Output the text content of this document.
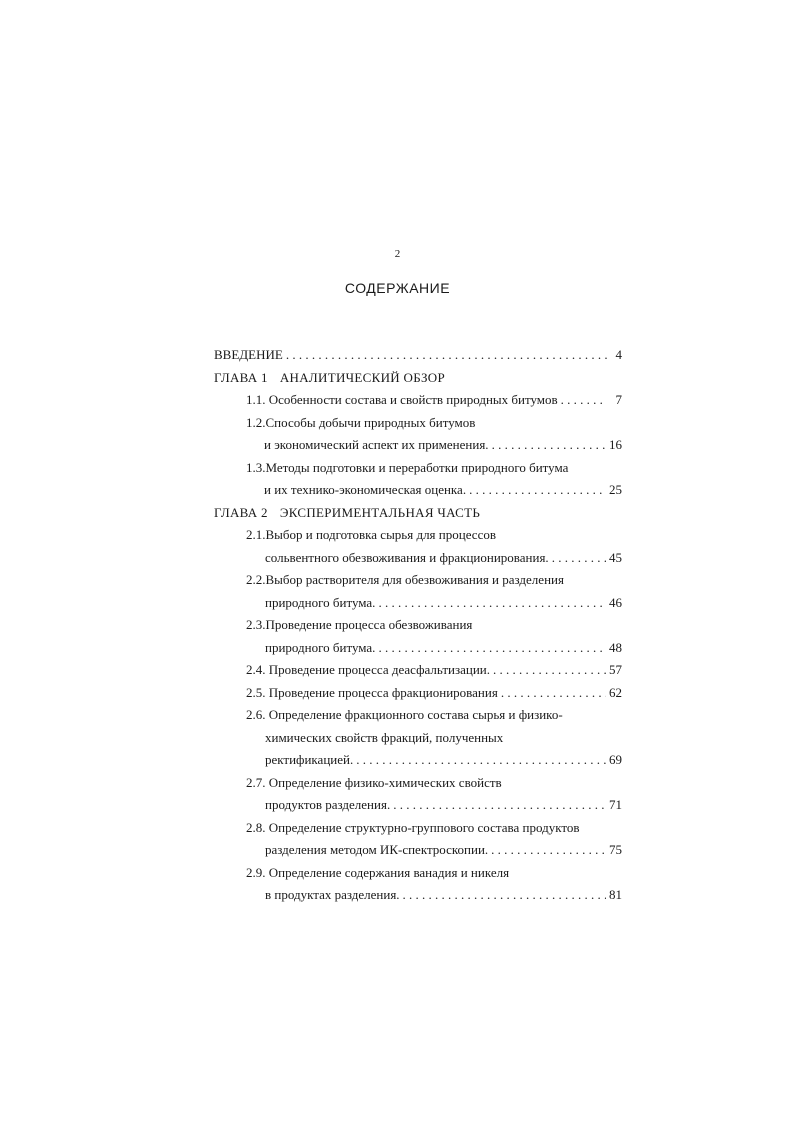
2
СОДЕРЖАНИЕ
ВВЕДЕНИЕ . . .	4
ГЛАВА 1 АНАЛИТИЧЕСКИЙ ОБЗОР
1.1. Особенности состава и свойств природных битумов . . .	7
1.2.Способы добычи природных битумов
и экономический аспект их применения. . . .	16
1.3.Методы подготовки и переработки природного битума
и их технико-экономическая оценка. . . .	25
ГЛАВА 2 ЭКСПЕРИМЕНТАЛЬНАЯ ЧАСТЬ
2.1.Выбор и подготовка сырья для процессов
сольвентного обезвоживания и фракционирования. . . .	45
2.2.Выбор растворителя для обезвоживания и разделения
природного битума. . . .	46
2.3.Проведение процесса обезвоживания
природного битума. . . .	48
2.4. Проведение процесса деасфальтизации. . . .	57
2.5. Проведение процесса фракционирования . . .	62
2.6. Определение фракционного состава сырья и физико-
химических свойств фракций, полученных
ректификацией. . . .	69
2.7. Определение физико-химических свойств
продуктов разделения. . . .	71
2.8. Определение структурно-группового состава продуктов
разделения методом ИК-спектроскопии. . . .	75
2.9. Определение содержания ванадия и никеля
в продуктах разделения. . . .	81
